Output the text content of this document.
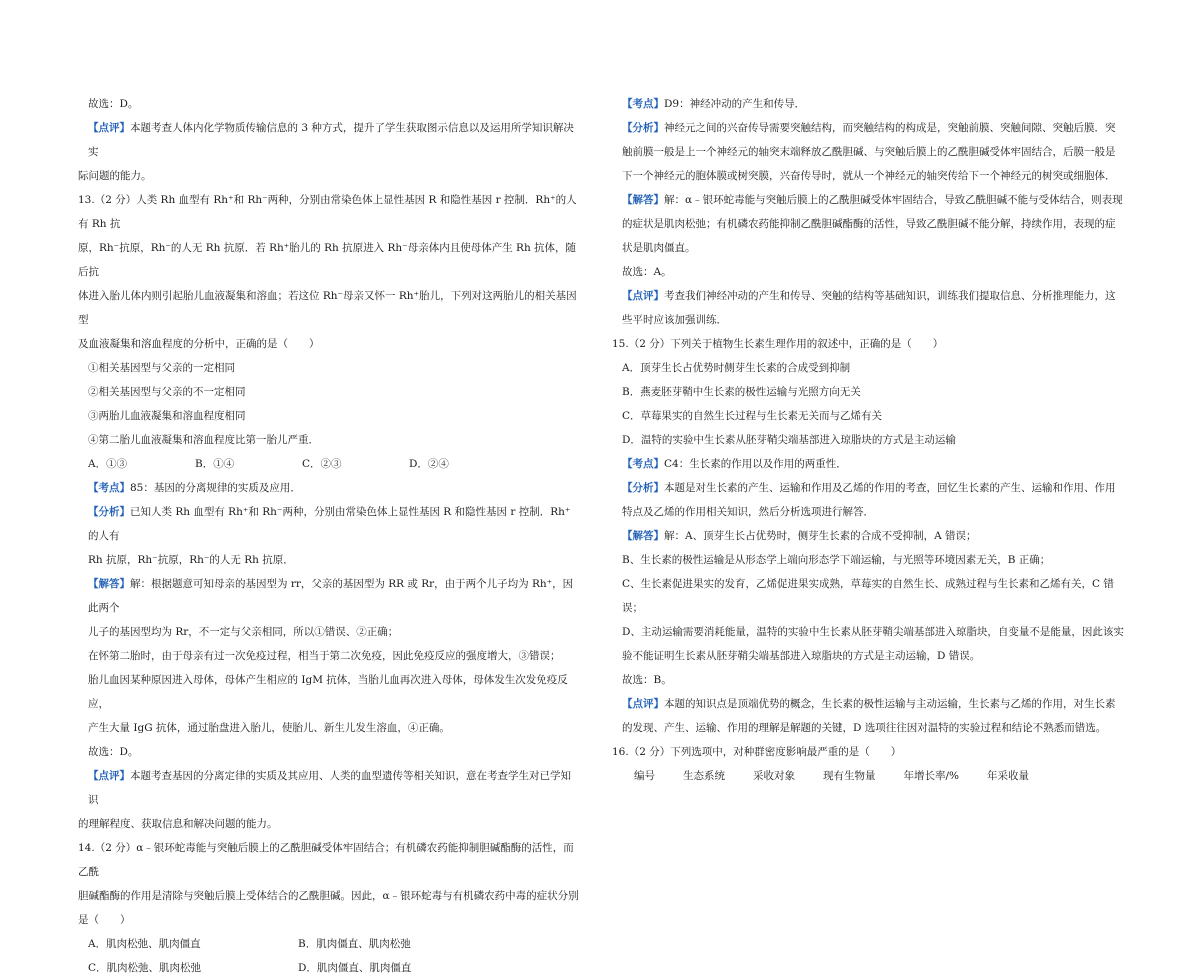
故选：D。

【点评】本题考查人体内化学物质传输信息的 3 种方式，提升了学生获取图示信息以及运用所学知识解决实

际问题的能力。

13.（2 分）人类 Rh 血型有 Rh⁺和 Rh⁻两种，分别由常染色体上显性基因 R 和隐性基因 r 控制．Rh⁺的人有 Rh 抗

原，Rh⁻抗原，Rh⁻的人无 Rh 抗原．若 Rh⁺胎儿的 Rh 抗原进入 Rh⁻母亲体内且使母体产生 Rh 抗体，随后抗

体进入胎儿体内则引起胎儿血液凝集和溶血；若这位 Rh⁻母亲又怀一 Rh⁺胎儿，下列对这两胎儿的相关基因型

及血液凝集和溶血程度的分析中，正确的是（　　）

①相关基因型与父亲的一定相同

②相关基因型与父亲的不一定相同

③两胎儿血液凝集和溶血程度相同

④第二胎儿血液凝集和溶血程度比第一胎儿严重．

A．①③	B．①④	C．②③	D．②④

【考点】85：基因的分离规律的实质及应用．

【分析】已知人类 Rh 血型有 Rh⁺和 Rh⁻两种，分别由常染色体上显性基因 R 和隐性基因 r 控制．Rh⁺的人有

Rh 抗原，Rh⁻抗原，Rh⁻的人无 Rh 抗原．

【解答】解：根据题意可知母亲的基因型为 rr，父亲的基因型为 RR 或 Rr，由于两个儿子均为 Rh⁺，因此两个

儿子的基因型均为 Rr，不一定与父亲相同，所以①错误、②正确；

在怀第二胎时，由于母亲有过一次免疫过程，相当于第二次免疫，因此免疫反应的强度增大，③错误；

胎儿血因某种原因进入母体，母体产生相应的 IgM 抗体，当胎儿血再次进入母体，母体发生次发免疫反应，

产生大量 IgG 抗体，通过胎盘进入胎儿，使胎儿、新生儿发生溶血，④正确。

故选：D。

【点评】本题考查基因的分离定律的实质及其应用、人类的血型遗传等相关知识，意在考查学生对已学知识

的理解程度、获取信息和解决问题的能力。

14.（2 分）α﹣银环蛇毒能与突触后膜上的乙酰胆碱受体牢固结合；有机磷农药能抑制胆碱酯酶的活性，而乙酰

胆碱酯酶的作用是清除与突触后膜上受体结合的乙酰胆碱。因此，α﹣银环蛇毒与有机磷农药中毒的症状分别

是（　　）

A．肌肉松弛、肌肉僵直	B．肌肉僵直、肌肉松弛
C．肌肉松弛、肌肉松弛	D．肌肉僵直、肌肉僵直

【考点】D9：神经冲动的产生和传导．

【分析】神经元之间的兴奋传导需要突触结构，而突触结构的构成是，突触前膜、突触间隙、突触后膜．突

触前膜一般是上一个神经元的轴突末端释放乙酰胆碱、与突触后膜上的乙酰胆碱受体牢固结合，后膜一般是

下一个神经元的胞体膜或树突膜，兴奋传导时，就从一个神经元的轴突传给下一个神经元的树突或细胞体．

【解答】解：α﹣银环蛇毒能与突触后膜上的乙酰胆碱受体牢固结合，导致乙酰胆碱不能与受体结合，则表现

的症状是肌肉松弛；有机磷农药能抑制乙酰胆碱酯酶的活性，导致乙酰胆碱不能分解，持续作用，表现的症

状是肌肉僵直。

故选：A。

【点评】考查我们神经冲动的产生和传导、突触的结构等基础知识，训练我们提取信息、分析推理能力，这

些平时应该加强训练．

15.（2 分）下列关于植物生长素生理作用的叙述中，正确的是（　　）

A．顶芽生长占优势时侧芽生长素的合成受到抑制

B．燕麦胚芽鞘中生长素的极性运输与光照方向无关

C．草莓果实的自然生长过程与生长素无关而与乙烯有关

D．温特的实验中生长素从胚芽鞘尖端基部进入琼脂块的方式是主动运输

【考点】C4：生长素的作用以及作用的两重性．

【分析】本题是对生长素的产生、运输和作用及乙烯的作用的考查，回忆生长素的产生、运输和作用、作用

特点及乙烯的作用相关知识，然后分析选项进行解答．

【解答】解：A、顶芽生长占优势时，侧芽生长素的合成不受抑制，A 错误；

B、生长素的极性运输是从形态学上端向形态学下端运输，与光照等环境因素无关，B 正确；

C、生长素促进果实的发育，乙烯促进果实成熟，草莓实的自然生长、成熟过程与生长素和乙烯有关，C 错误；

D、主动运输需要消耗能量，温特的实验中生长素从胚芽鞘尖端基部进入琼脂块，自变量不是能量，因此该实

验不能证明生长素从胚芽鞘尖端基部进入琼脂块的方式是主动运输，D 错误。

故选：B。

【点评】本题的知识点是顶端优势的概念，生长素的极性运输与主动运输，生长素与乙烯的作用，对生长素

的发现、产生、运输、作用的理解是解题的关键，D 选项往往因对温特的实验过程和结论不熟悉而错选。

16.（2 分）下列选项中，对种群密度影响最严重的是（　　）

编号	生态系统	采收对象	现有生物量	年增长率/%	年采收量
